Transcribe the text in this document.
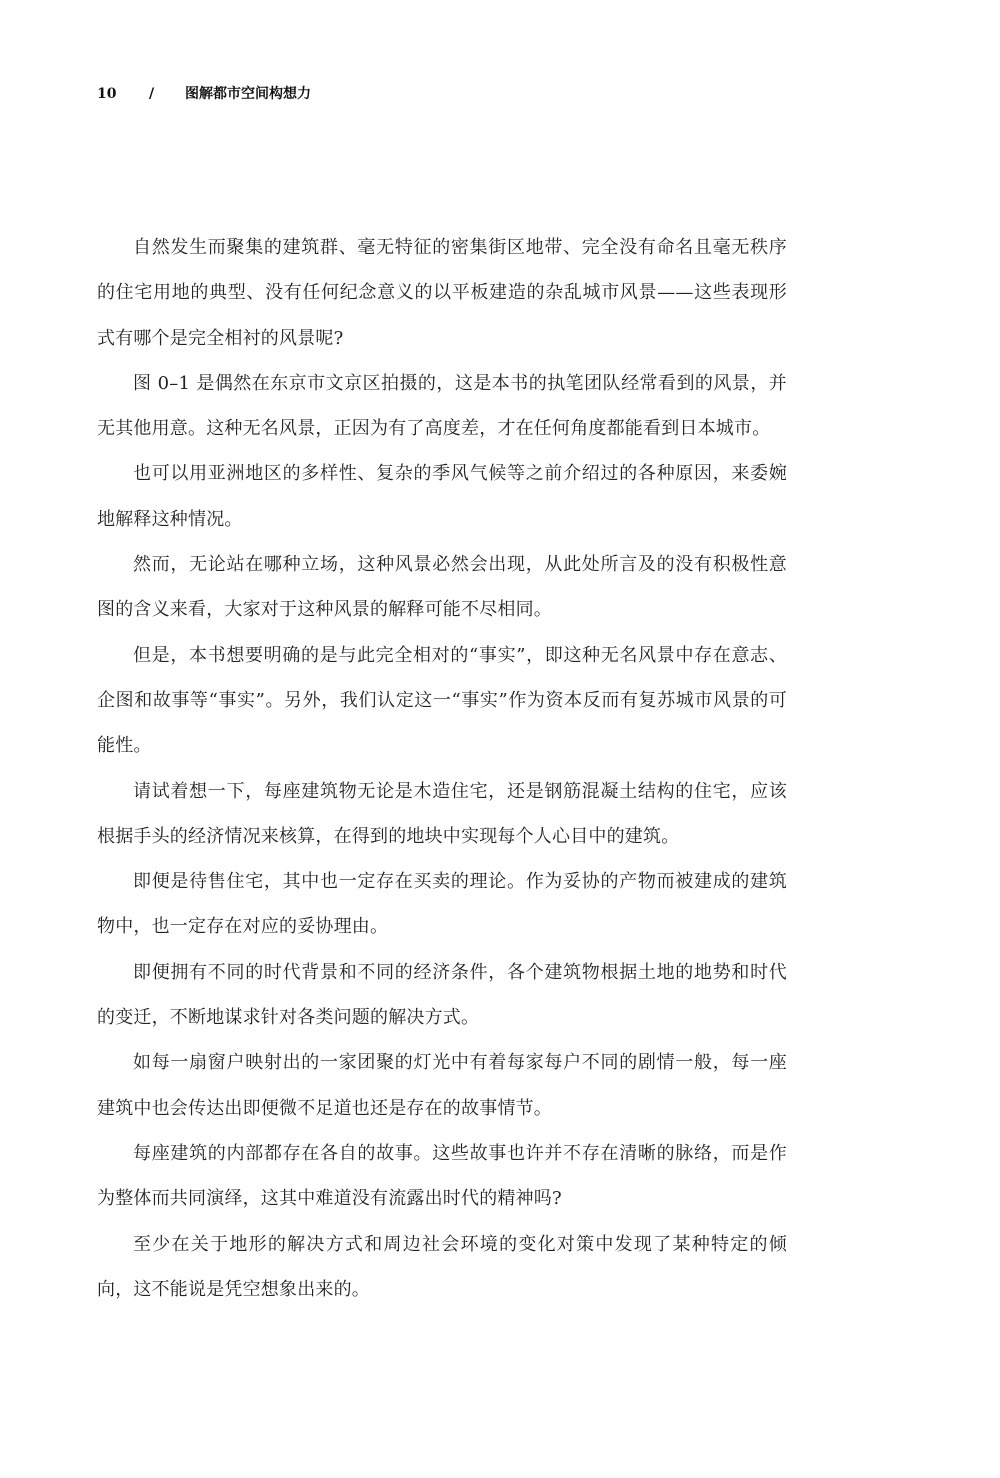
10 / 图解都市空间构想力

自然发生而聚集的建筑群、毫无特征的密集街区地带、完全没有命名且毫无秩序的住宅用地的典型、没有任何纪念意义的以平板建造的杂乱城市风景——这些表现形式有哪个是完全相衬的风景呢?

图 0–1 是偶然在东京市文京区拍摄的，这是本书的执笔团队经常看到的风景，并无其他用意。这种无名风景，正因为有了高度差，才在任何角度都能看到日本城市。

也可以用亚洲地区的多样性、复杂的季风气候等之前介绍过的各种原因，来委婉地解释这种情况。

然而，无论站在哪种立场，这种风景必然会出现，从此处所言及的没有积极性意图的含义来看，大家对于这种风景的解释可能不尽相同。

但是，本书想要明确的是与此完全相对的“事实”，即这种无名风景中存在意志、企图和故事等“事实”。另外，我们认定这一“事实”作为资本反而有复苏城市风景的可能性。

请试着想一下，每座建筑物无论是木造住宅，还是钢筋混凝土结构的住宅，应该根据手头的经济情况来核算，在得到的地块中实现每个人心目中的建筑。

即便是待售住宅，其中也一定存在买卖的理论。作为妥协的产物而被建成的建筑物中，也一定存在对应的妥协理由。

即便拥有不同的时代背景和不同的经济条件，各个建筑物根据土地的地势和时代的变迁，不断地谋求针对各类问题的解决方式。

如每一扇窗户映射出的一家团聚的灯光中有着每家每户不同的剧情一般，每一座建筑中也会传达出即便微不足道也还是存在的故事情节。

每座建筑的内部都存在各自的故事。这些故事也许并不存在清晰的脉络，而是作为整体而共同演绎，这其中难道没有流露出时代的精神吗?

至少在关于地形的解决方式和周边社会环境的变化对策中发现了某种特定的倾向，这不能说是凭空想象出来的。
